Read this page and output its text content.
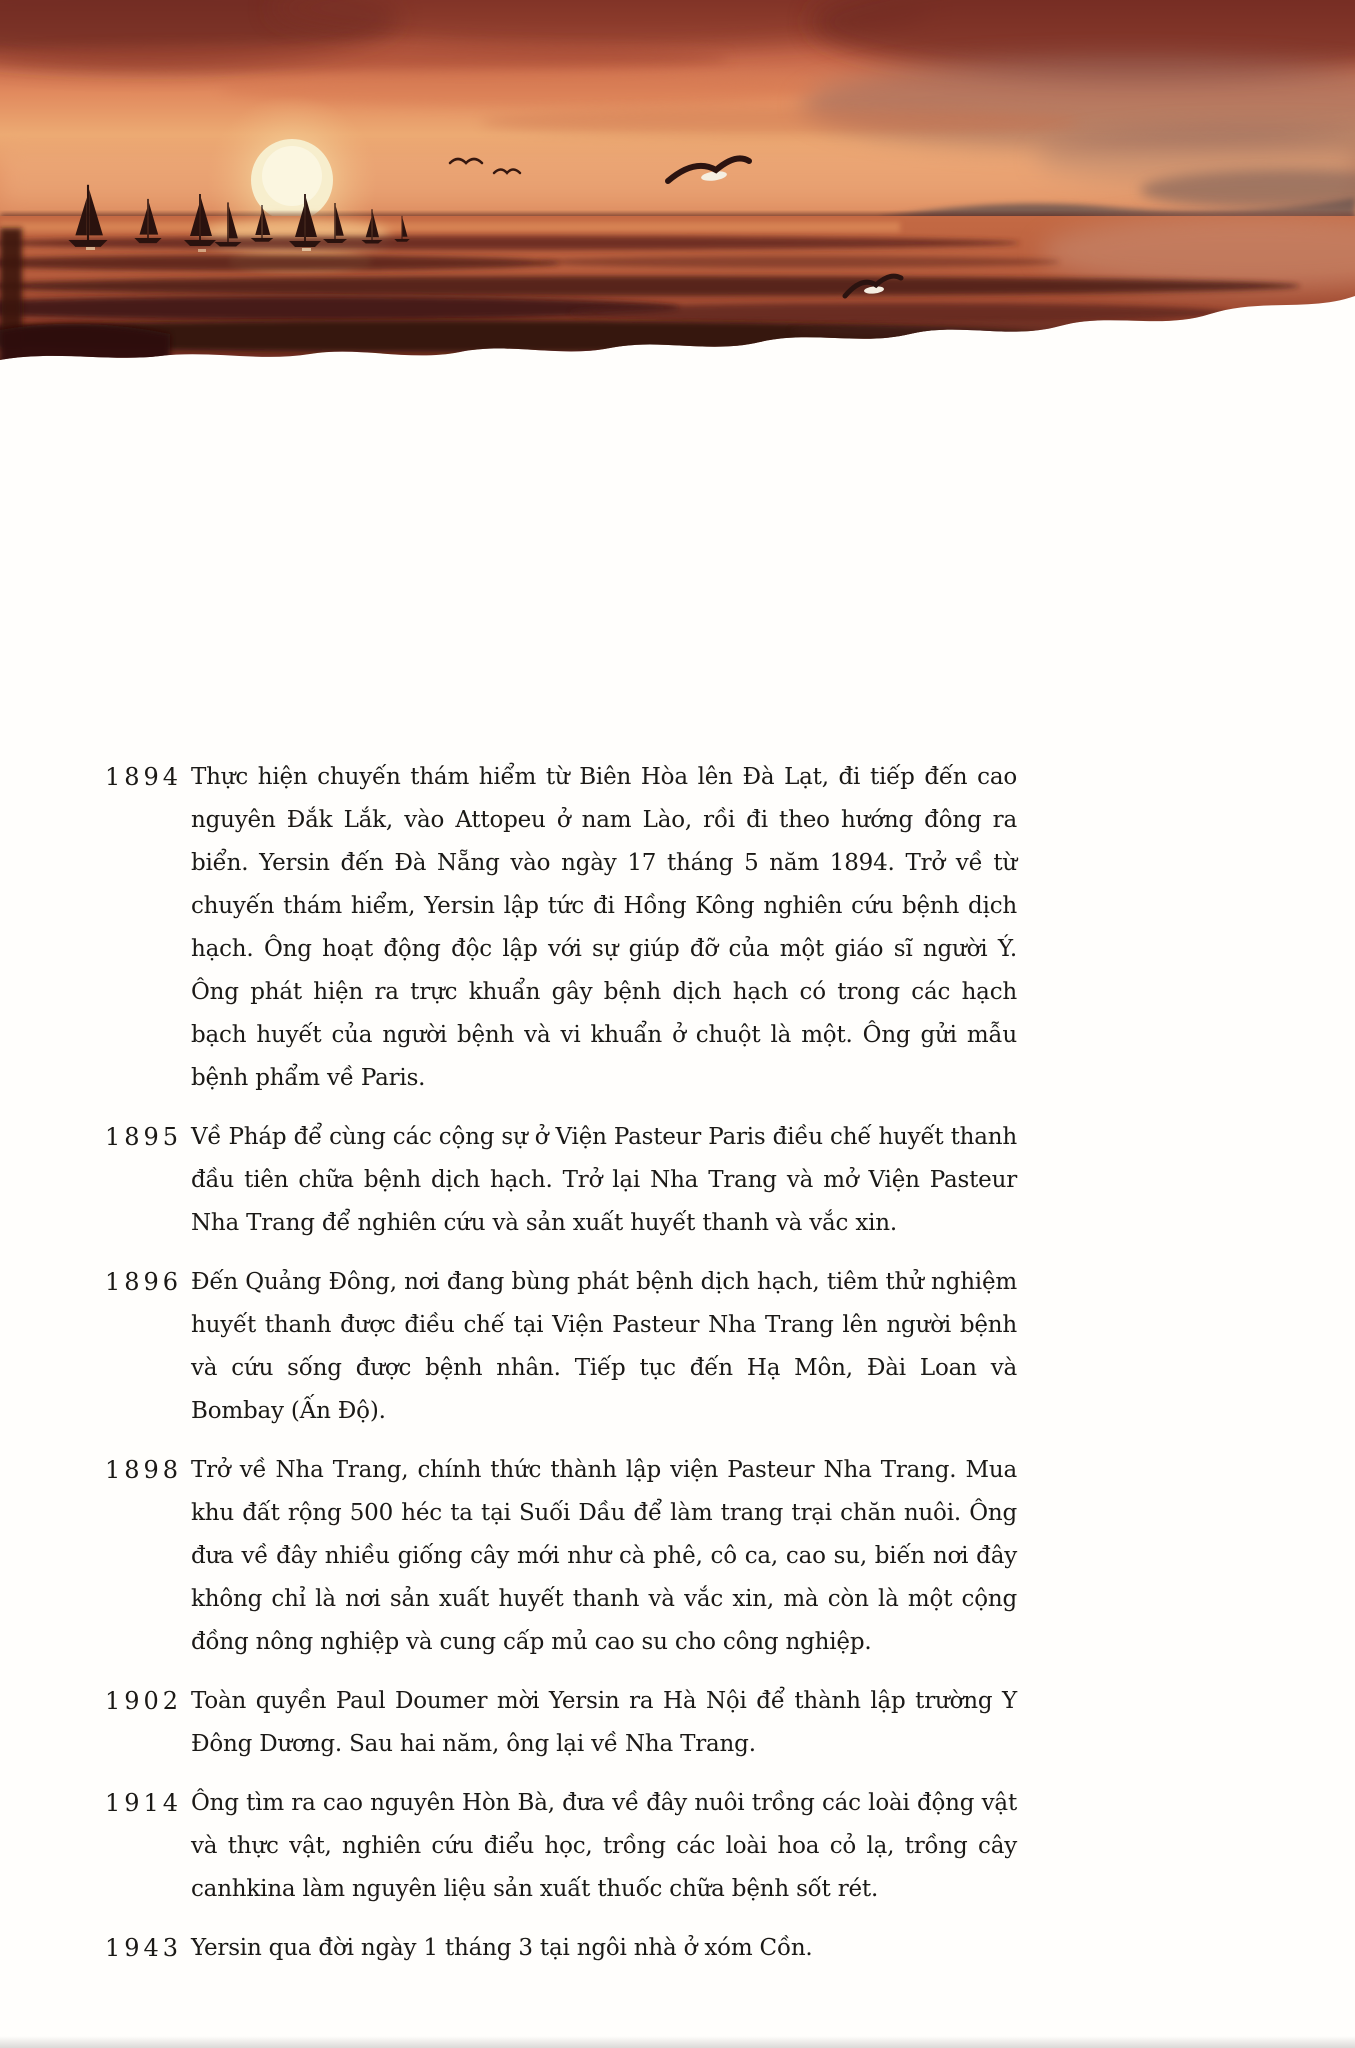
1894 Thực hiện chuyến thám hiểm từ Biên Hòa lên Đà Lạt, đi tiếp đến cao nguyên Đắk Lắk, vào Attopeu ở nam Lào, rồi đi theo hướng đông ra biển. Yersin đến Đà Nẵng vào ngày 17 tháng 5 năm 1894. Trở về từ chuyến thám hiểm, Yersin lập tức đi Hồng Kông nghiên cứu bệnh dịch hạch. Ông hoạt động độc lập với sự giúp đỡ của một giáo sĩ người Ý. Ông phát hiện ra trực khuẩn gây bệnh dịch hạch có trong các hạch bạch huyết của người bệnh và vi khuẩn ở chuột là một. Ông gửi mẫu bệnh phẩm về Paris.
1895 Về Pháp để cùng các cộng sự ở Viện Pasteur Paris điều chế huyết thanh đầu tiên chữa bệnh dịch hạch. Trở lại Nha Trang và mở Viện Pasteur Nha Trang để nghiên cứu và sản xuất huyết thanh và vắc xin.
1896 Đến Quảng Đông, nơi đang bùng phát bệnh dịch hạch, tiêm thử nghiệm huyết thanh được điều chế tại Viện Pasteur Nha Trang lên người bệnh và cứu sống được bệnh nhân. Tiếp tục đến Hạ Môn, Đài Loan và Bombay (Ấn Độ).
1898 Trở về Nha Trang, chính thức thành lập viện Pasteur Nha Trang. Mua khu đất rộng 500 héc ta tại Suối Dầu để làm trang trại chăn nuôi. Ông đưa về đây nhiều giống cây mới như cà phê, cô ca, cao su, biến nơi đây không chỉ là nơi sản xuất huyết thanh và vắc xin, mà còn là một cộng đồng nông nghiệp và cung cấp mủ cao su cho công nghiệp.
1902 Toàn quyền Paul Doumer mời Yersin ra Hà Nội để thành lập trường Y Đông Dương. Sau hai năm, ông lại về Nha Trang.
1914 Ông tìm ra cao nguyên Hòn Bà, đưa về đây nuôi trồng các loài động vật và thực vật, nghiên cứu điểu học, trồng các loài hoa cỏ lạ, trồng cây canhkina làm nguyên liệu sản xuất thuốc chữa bệnh sốt rét.
1943 Yersin qua đời ngày 1 tháng 3 tại ngôi nhà ở xóm Cồn.
